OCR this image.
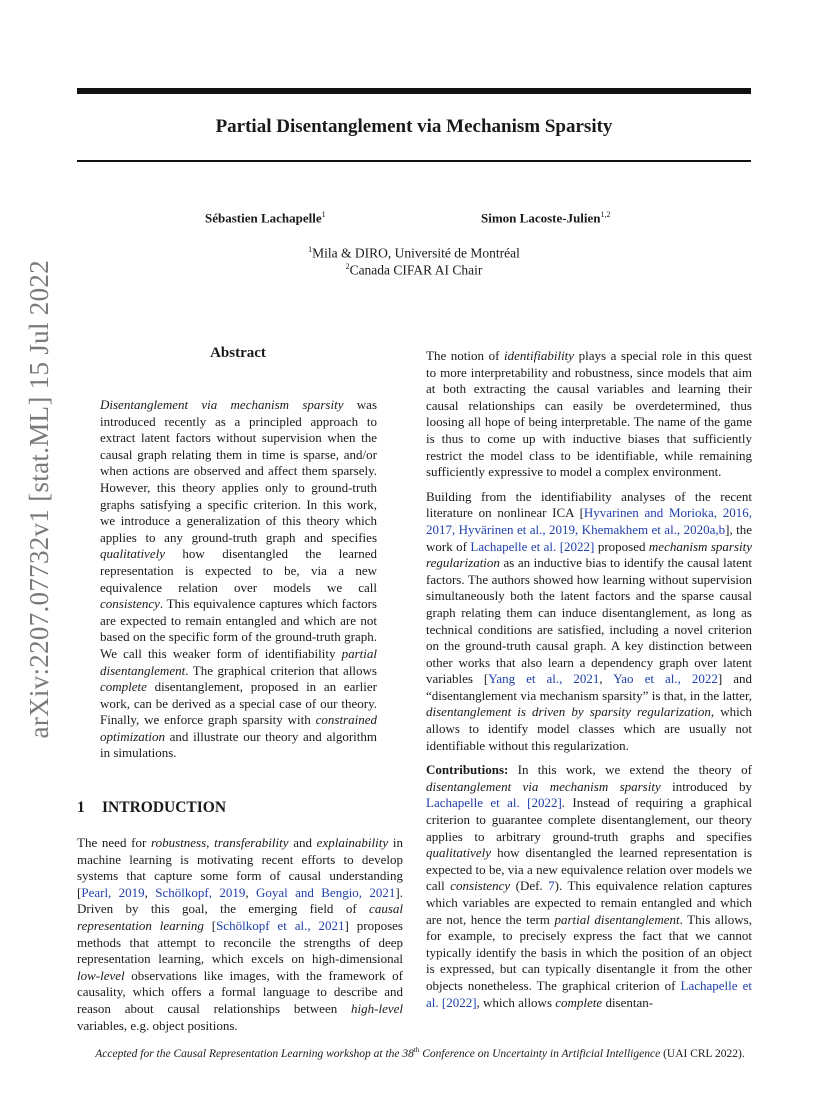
Partial Disentanglement via Mechanism Sparsity
Sébastien Lachapelle$^1$	Simon Lacoste-Julien$^{1,2}$
$^1$Mila & DIRO, Université de Montréal
$^2$Canada CIFAR AI Chair
arXiv:2207.07732v1 [stat.ML] 15 Jul 2022	Abstract

Disentanglement via mechanism sparsity was introduced recently as a principled approach to extract latent factors without supervision when the causal graph relating them in time is sparse, and/or when actions are observed and affect them sparsely. However, this theory applies only to ground-truth graphs satisfying a specific criterion. In this work, we introduce a generalization of this theory which applies to any ground-truth graph and specifies qualitatively how disentangled the learned representation is expected to be, via a new equivalence relation over models we call consistency. This equivalence captures which factors are expected to remain entangled and which are not based on the specific form of the ground-truth graph. We call this weaker form of identifiability partial disentanglement. The graphical criterion that allows complete disentanglement, proposed in an earlier work, can be derived as a special case of our theory. Finally, we enforce graph sparsity with constrained optimization and illustrate our theory and algorithm in simulations.

1 INTRODUCTION

The need for robustness, transferability and explainability in machine learning is motivating recent efforts to develop systems that capture some form of causal understanding [Pearl, 2019, Schölkopf, 2019, Goyal and Bengio, 2021]. Driven by this goal, the emerging field of causal representation learning [Schölkopf et al., 2021] proposes methods that attempt to reconcile the strengths of deep representation learning, which excels on high-dimensional low-level observations like images, with the framework of causality, which offers a formal language to describe and reason about causal relationships between high-level variables, e.g. object positions.

The notion of identifiability plays a special role in this quest to more interpretability and robustness, since models that aim at both extracting the causal variables and learning their causal relationships can easily be overdetermined, thus loosing all hope of being interpretable. The name of the game is thus to come up with inductive biases that sufficiently restrict the model class to be identifiable, while remaining sufficiently expressive to model a complex environment.

Building from the identifiability analyses of the recent literature on nonlinear ICA [Hyvarinen and Morioka, 2016, 2017, Hyvärinen et al., 2019, Khemakhem et al., 2020a,b], the work of Lachapelle et al. [2022] proposed mechanism sparsity regularization as an inductive bias to identify the causal latent factors. The authors showed how learning without supervision simultaneously both the latent factors and the sparse causal graph relating them can induce disentanglement, as long as technical conditions are satisfied, including a novel criterion on the ground-truth causal graph. A key distinction between other works that also learn a dependency graph over latent variables [Yang et al., 2021, Yao et al., 2022] and “disentanglement via mechanism sparsity” is that, in the latter, disentanglement is driven by sparsity regularization, which allows to identify model classes which are usually not identifiable without this regularization.

Contributions: In this work, we extend the theory of disentanglement via mechanism sparsity introduced by Lachapelle et al. [2022]. Instead of requiring a graphical criterion to guarantee complete disentanglement, our theory applies to arbitrary ground-truth graphs and specifies qualitatively how disentangled the learned representation is expected to be, via a new equivalence relation over models we call consistency (Def. 7). This equivalence relation captures which variables are expected to remain entangled and which are not, hence the term partial disentanglement. This allows, for example, to precisely express the fact that we cannot typically identify the basis in which the position of an object is expressed, but can typically disentangle it from the other objects nonetheless. The graphical criterion of Lachapelle et al. [2022], which allows complete disentan-

Accepted for the Causal Representation Learning workshop at the 38th Conference on Uncertainty in Artificial Intelligence (UAI CRL 2022).
